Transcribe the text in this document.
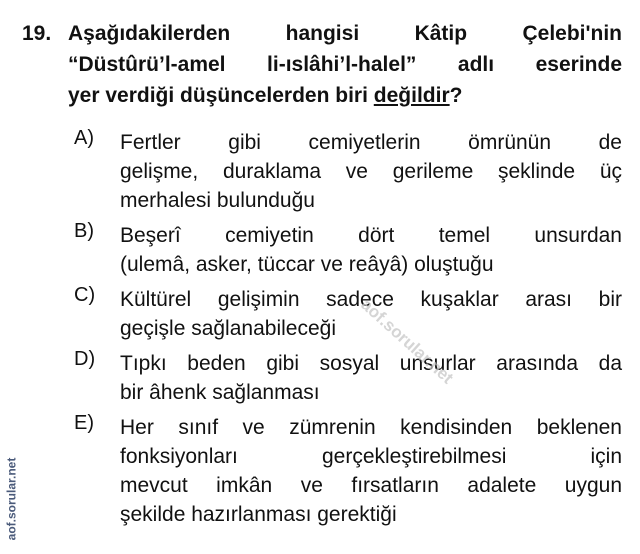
19. Aşağıdakilerden hangisi Kâtip Çelebi'nin
“Düstûrü’l-amel li-ıslâhi’l-halel” adlı eserinde
yer verdiği düşüncelerden biri değildir?
A) Fertler gibi cemiyetlerin ömrünün de
gelişme, duraklama ve gerileme şeklinde üç
merhalesi bulunduğu
B) Beşerî cemiyetin dört temel unsurdan
(ulemâ, asker, tüccar ve reâyâ) oluştuğu
C) Kültürel gelişimin sadece kuşaklar arası bir
geçişle sağlanabileceği
D) Tıpkı beden gibi sosyal unsurlar arasında da
bir âhenk sağlanması
E) Her sınıf ve zümrenin kendisinden beklenen
fonksiyonları gerçekleştirebilmesi için
mevcut imkân ve fırsatların adalete uygun
şekilde hazırlanması gerektiği
aof.sorular.net
aof.sorular.net
